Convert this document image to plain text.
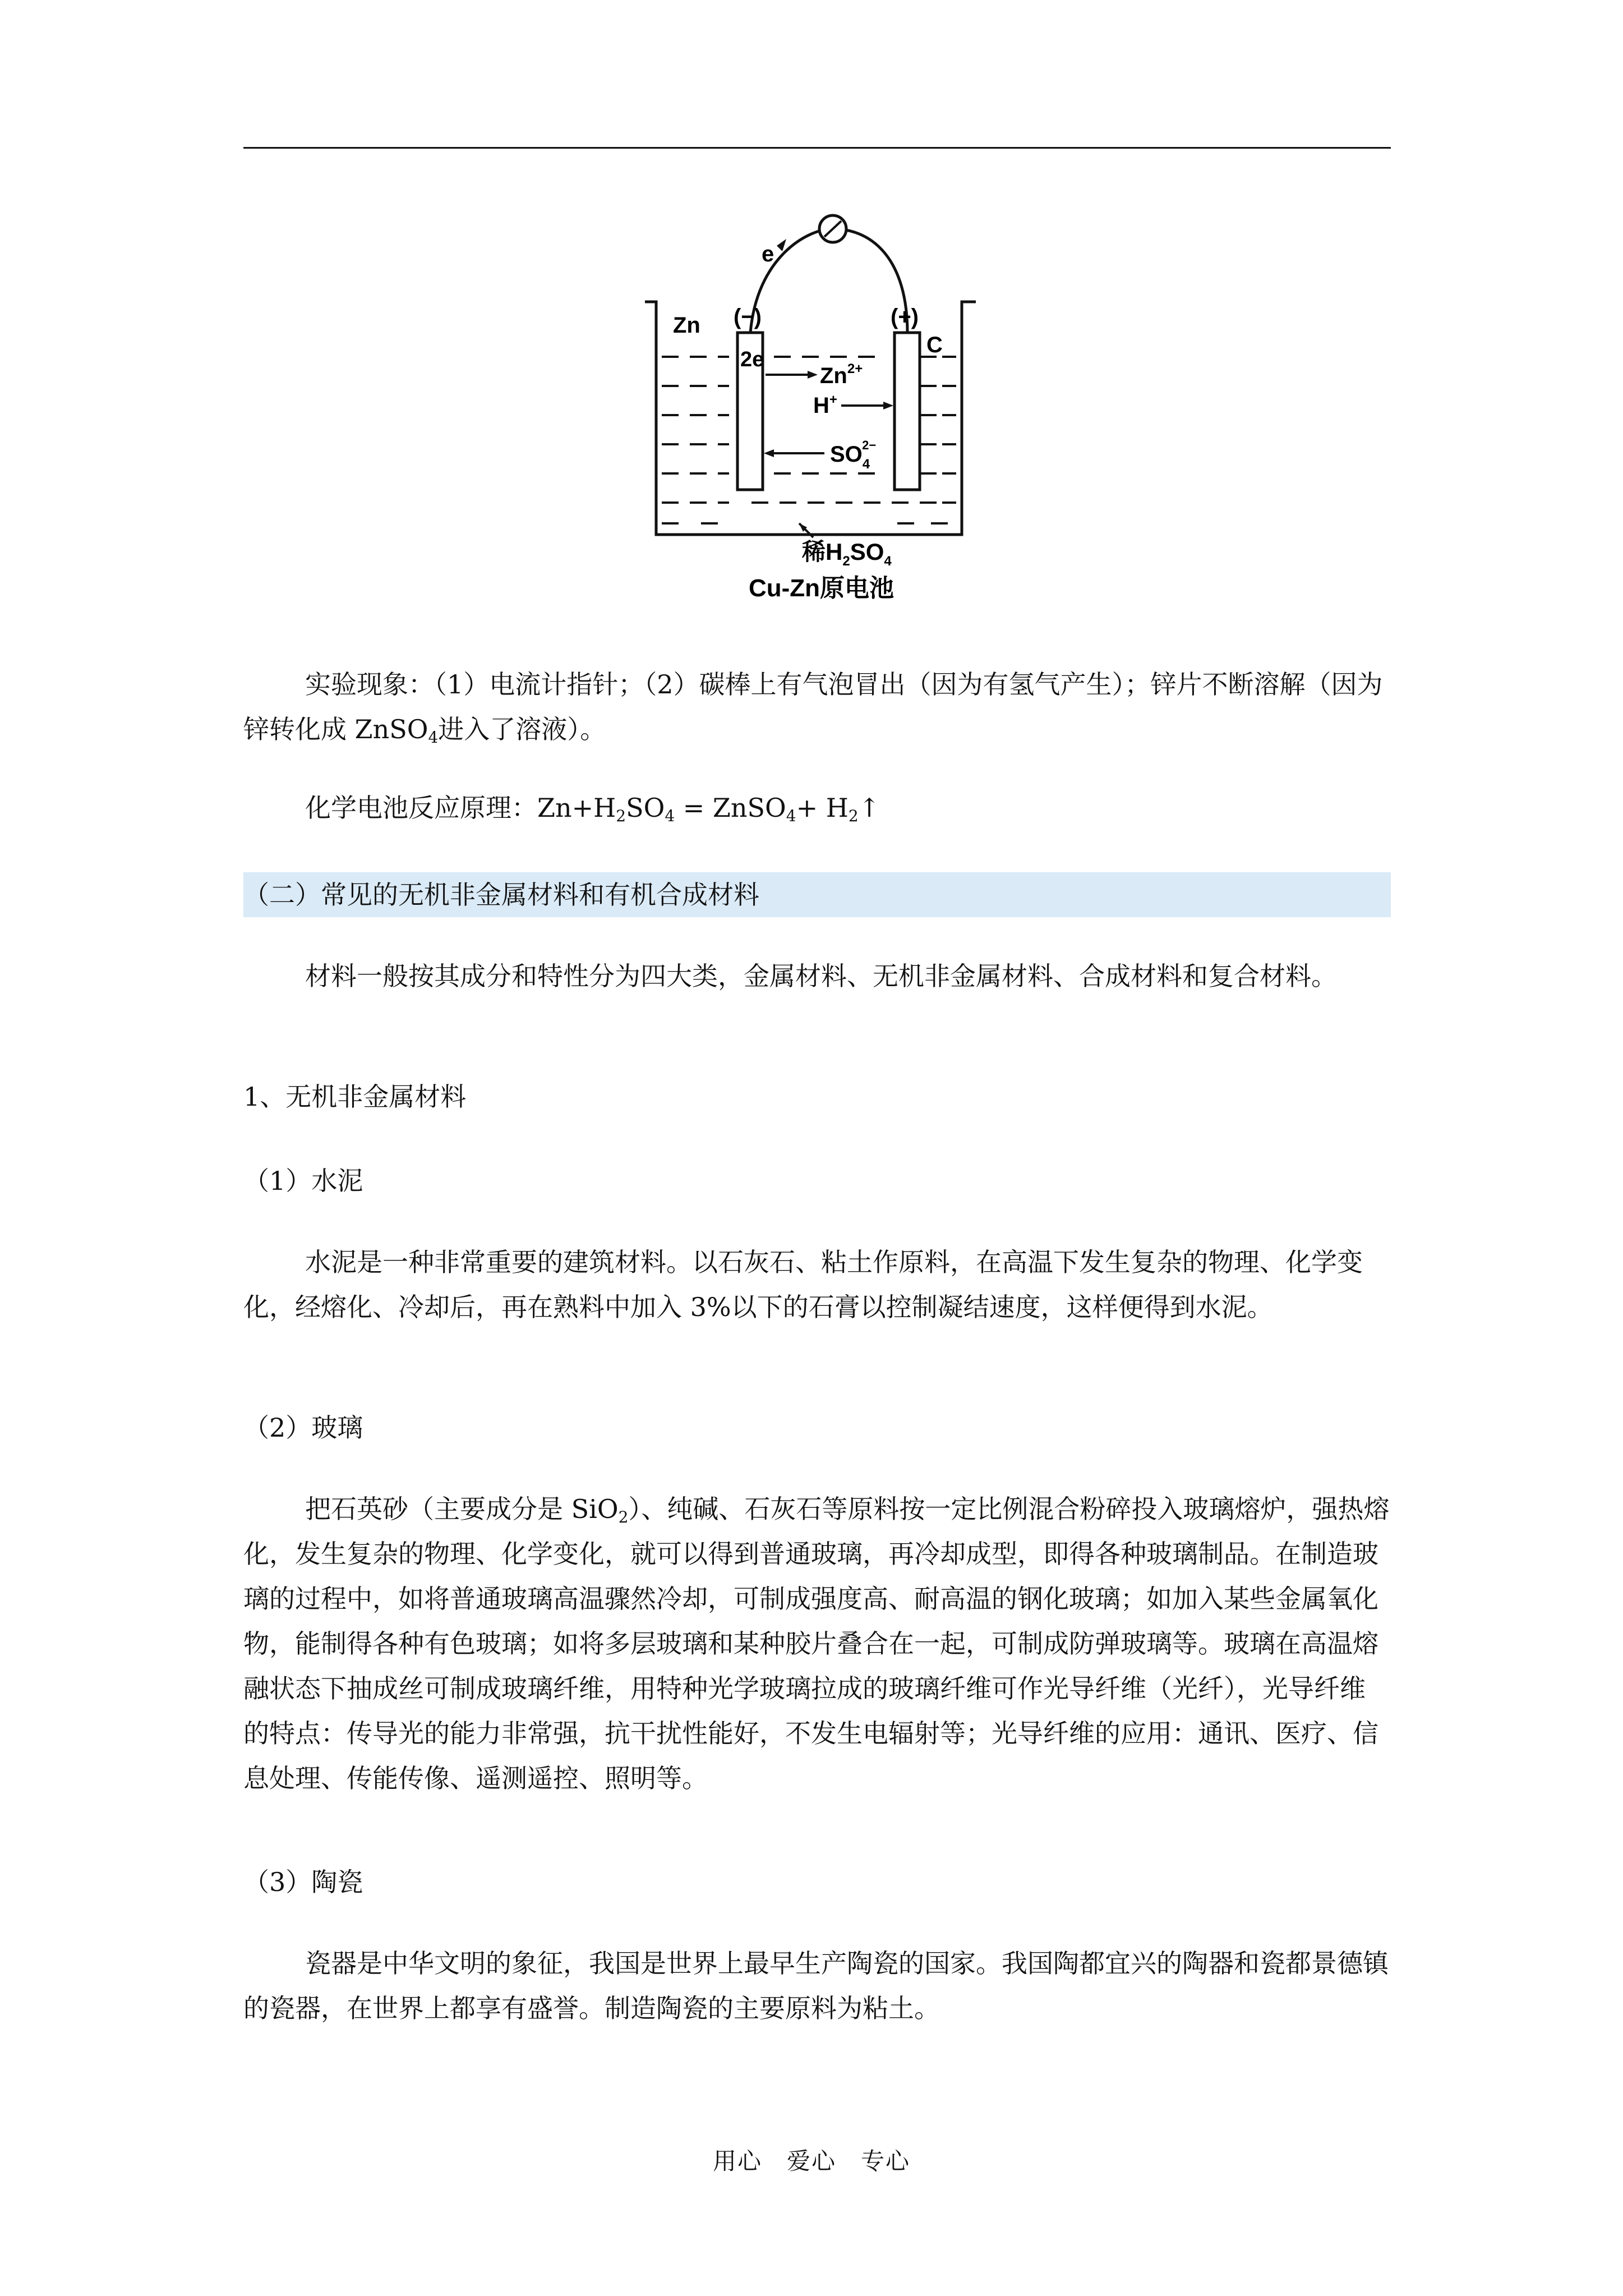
e
Zn (−)	(+)
C
2e
$Zn^{2+}$
H+
$SO_42-$
稀$H_2SO_4$
Cu-Zn原电池

实验现象：（1）电流计指针；（2）碳棒上有气泡冒出（因为有氢气产生）；锌片不断溶解（因为锌转化成 ZnSO$_4$进入了溶液）。

化学电池反应原理：$Zn+H_2SO_4$ = ZnSO$_4$+ $H_2↑$

（二）常见的无机非金属材料和有机合成材料

材料一般按其成分和特性分为四大类，金属材料、无机非金属材料、合成材料和复合材料。

1、无机非金属材料
（1）水泥

水泥是一种非常重要的建筑材料。以石灰石、粘土作原料，在高温下发生复杂的物理、化学变化，经熔化、冷却后，再在熟料中加入 3%以下的石膏以控制凝结速度，这样便得到水泥。

（2）玻璃

把石英砂（主要成分是 SiO$_2$）、纯碱、石灰石等原料按一定比例混合粉碎投入玻璃熔炉，强热熔化，发生复杂的物理、化学变化，就可以得到普通玻璃，再冷却成型，即得各种玻璃制品。在制造玻璃的过程中，如将普通玻璃高温骤然冷却，可制成强度高、耐高温的钢化玻璃；如加入某些金属氧化物，能制得各种有色玻璃；如将多层玻璃和某种胶片叠合在一起，可制成防弹玻璃等。玻璃在高温熔融状态下抽成丝可制成玻璃纤维，用特种光学玻璃拉成的玻璃纤维可作光导纤维（光纤），光导纤维的特点：传导光的能力非常强，抗干扰性能好，不发生电辐射等；光导纤维的应用：通讯、医疗、信息处理、传能传像、遥测遥控、照明等。

（3）陶瓷

瓷器是中华文明的象征，我国是世界上最早生产陶瓷的国家。我国陶都宜兴的陶器和瓷都景德镇的瓷器，在世界上都享有盛誉。制造陶瓷的主要原料为粘土。

用心　爱心　专心
